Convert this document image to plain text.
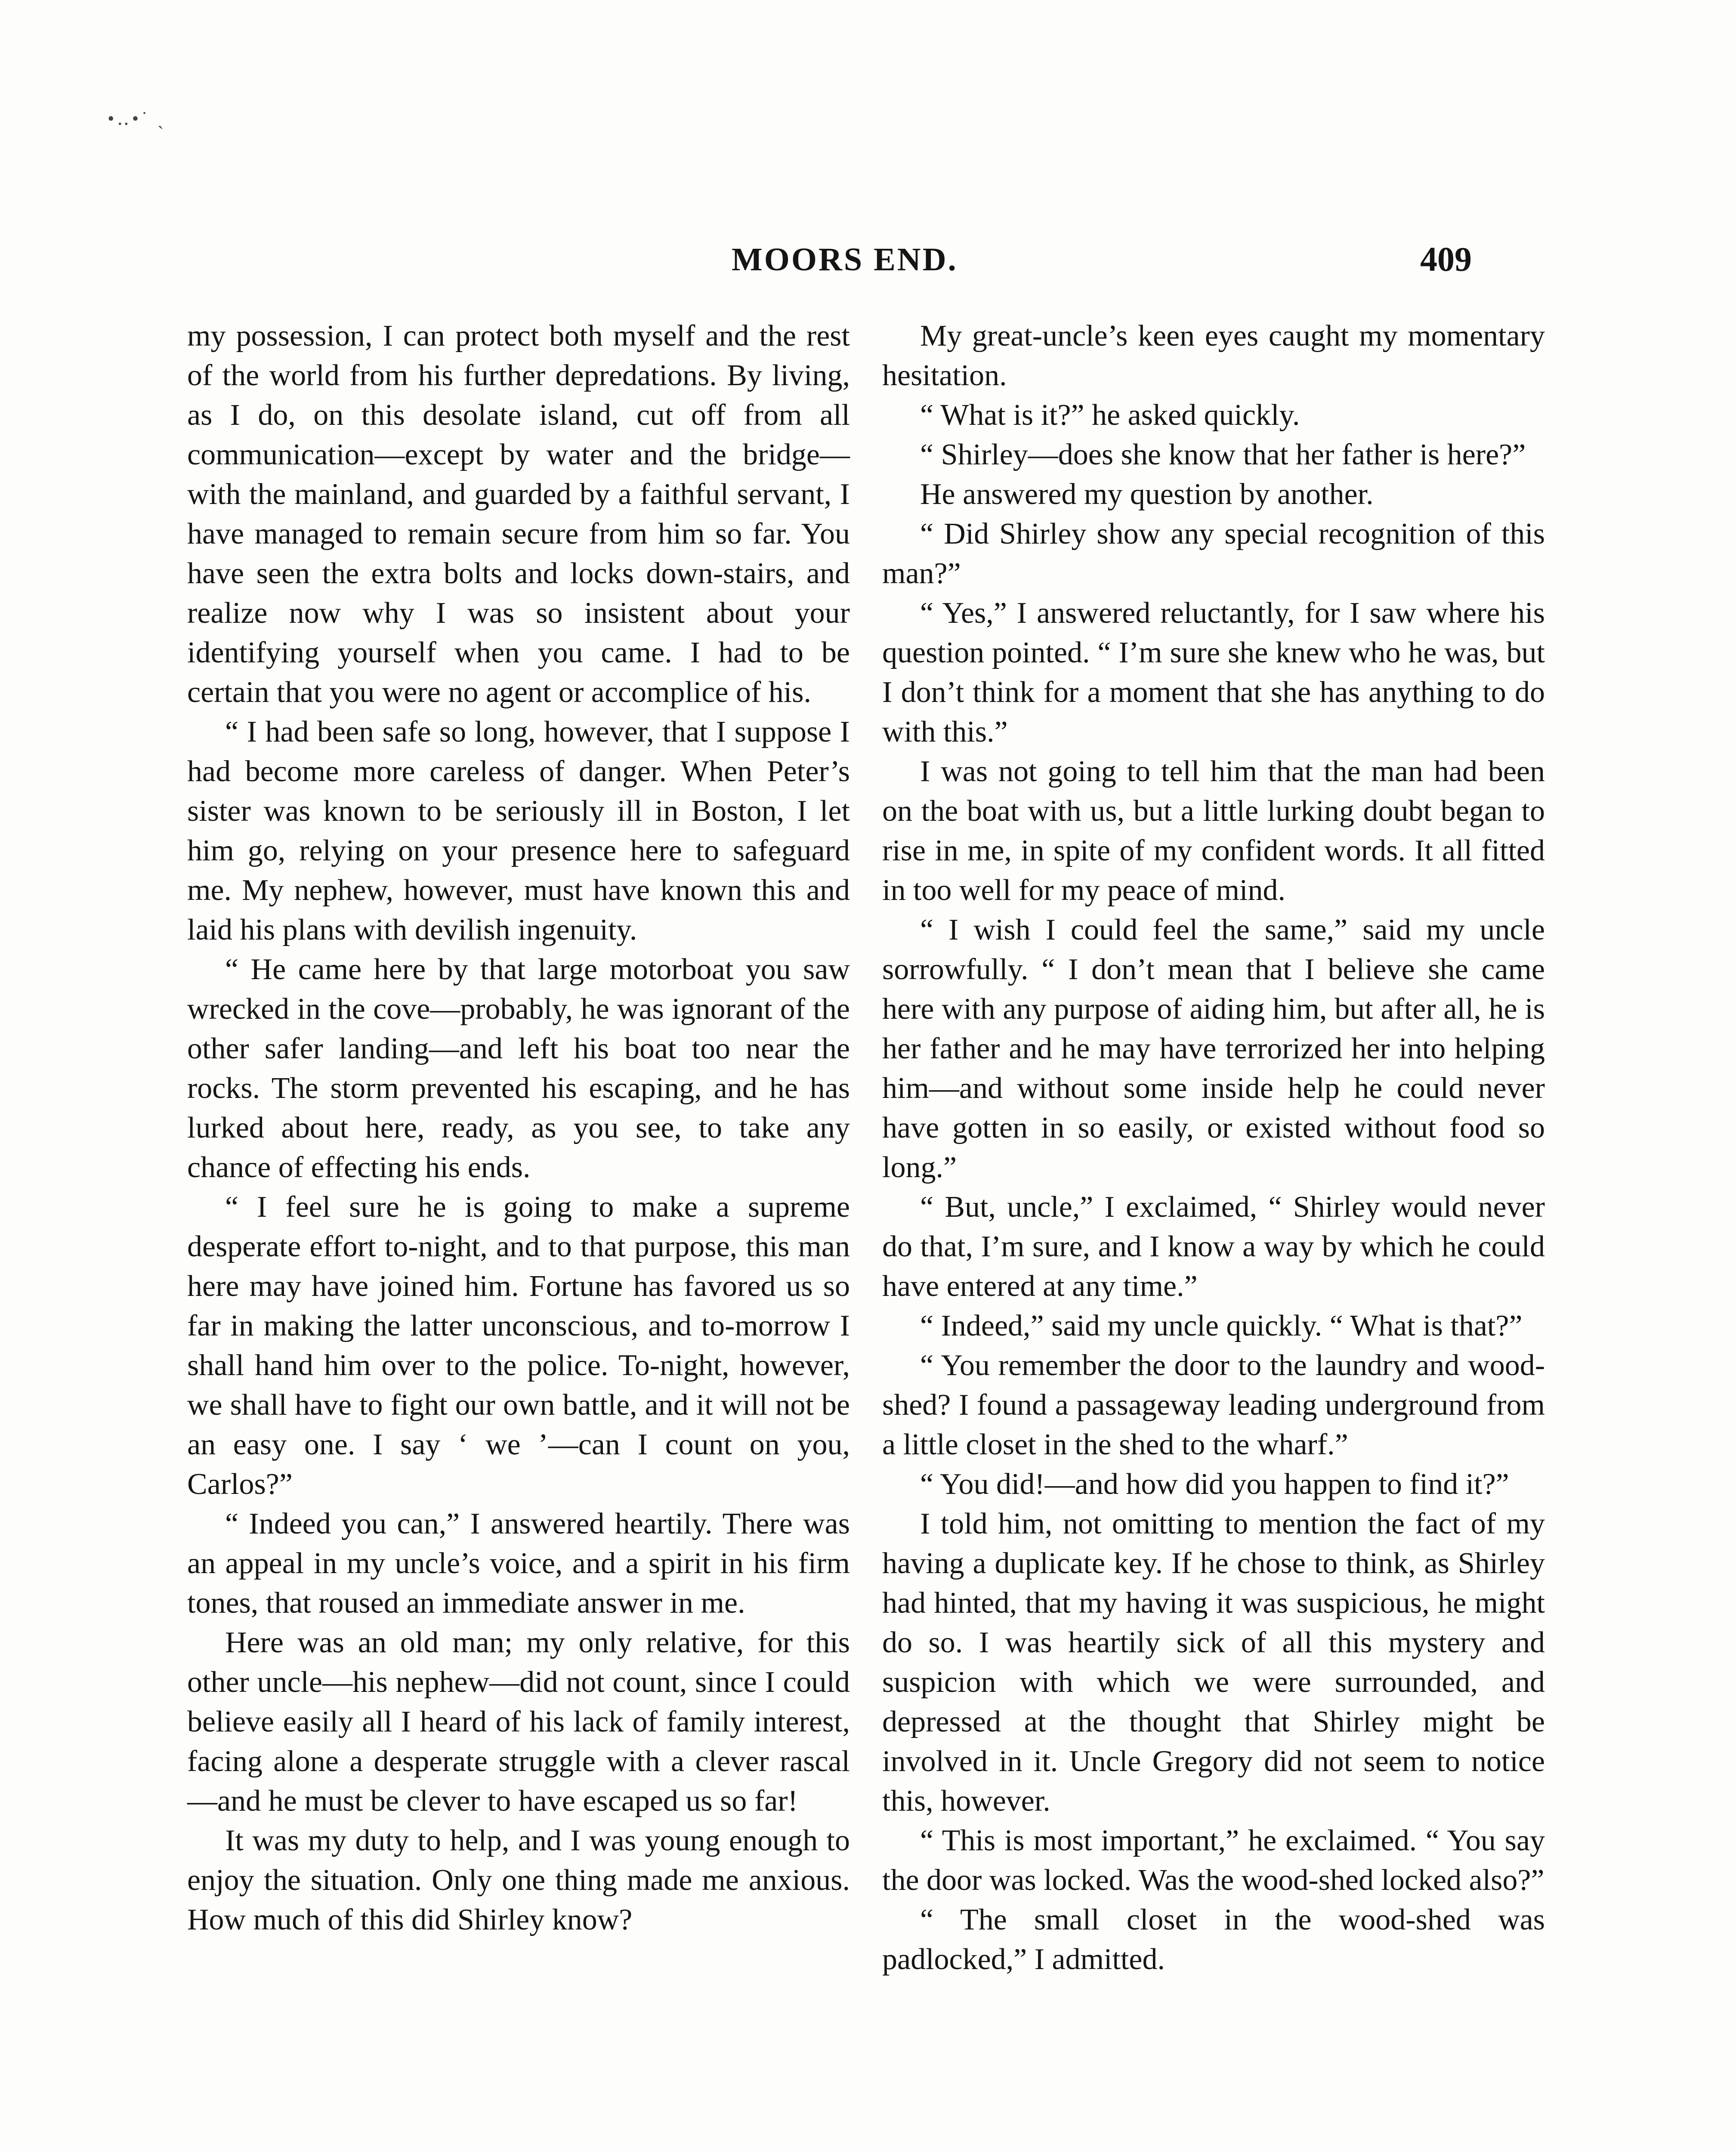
•‥•˙ ˎ
MOORS END.	409

my possession, I can protect both myself and the rest of the world from his further depredations. By living, as I do, on this desolate island, cut off from all communication—except by water and the bridge—with the mainland, and guarded by a faithful servant, I have managed to remain secure from him so far. You have seen the extra bolts and locks down-stairs, and realize now why I was so insistent about your identifying yourself when you came. I had to be certain that you were no agent or accomplice of his.

“ I had been safe so long, however, that I suppose I had become more careless of danger. When Peter’s sister was known to be seriously ill in Boston, I let him go, relying on your presence here to safeguard me. My nephew, however, must have known this and laid his plans with devilish ingenuity.

“ He came here by that large motorboat you saw wrecked in the cove—probably, he was ignorant of the other safer landing—and left his boat too near the rocks. The storm prevented his escaping, and he has lurked about here, ready, as you see, to take any chance of effecting his ends.

“ I feel sure he is going to make a supreme desperate effort to-night, and to that purpose, this man here may have joined him. Fortune has favored us so far in making the latter unconscious, and to-morrow I shall hand him over to the police. To-night, however, we shall have to fight our own battle, and it will not be an easy one. I say ‘ we ’—can I count on you, Carlos?”

“ Indeed you can,” I answered heartily. There was an appeal in my uncle’s voice, and a spirit in his firm tones, that roused an immediate answer in me.

Here was an old man; my only relative, for this other uncle—his nephew—did not count, since I could believe easily all I heard of his lack of family interest, facing alone a desperate struggle with a clever rascal—and he must be clever to have escaped us so far!

It was my duty to help, and I was young enough to enjoy the situation. Only one thing made me anxious. How much of this did Shirley know?

My great-uncle’s keen eyes caught my momentary hesitation.

“ What is it?” he asked quickly.

“ Shirley—does she know that her father is here?”

He answered my question by another.

“ Did Shirley show any special recognition of this man?”

“ Yes,” I answered reluctantly, for I saw where his question pointed. “ I’m sure she knew who he was, but I don’t think for a moment that she has anything to do with this.”

I was not going to tell him that the man had been on the boat with us, but a little lurking doubt began to rise in me, in spite of my confident words. It all fitted in too well for my peace of mind.

“ I wish I could feel the same,” said my uncle sorrowfully. “ I don’t mean that I believe she came here with any purpose of aiding him, but after all, he is her father and he may have terrorized her into helping him—and without some inside help he could never have gotten in so easily, or existed without food so long.”

“ But, uncle,” I exclaimed, “ Shirley would never do that, I’m sure, and I know a way by which he could have entered at any time.”

“ Indeed,” said my uncle quickly. “ What is that?”

“ You remember the door to the laundry and wood-shed? I found a passageway leading underground from a little closet in the shed to the wharf.”

“ You did!—and how did you happen to find it?”

I told him, not omitting to mention the fact of my having a duplicate key. If he chose to think, as Shirley had hinted, that my having it was suspicious, he might do so. I was heartily sick of all this mystery and suspicion with which we were surrounded, and depressed at the thought that Shirley might be involved in it. Uncle Gregory did not seem to notice this, however.

“ This is most important,” he exclaimed. “ You say the door was locked. Was the wood-shed locked also?”

“ The small closet in the wood-shed was padlocked,” I admitted.
